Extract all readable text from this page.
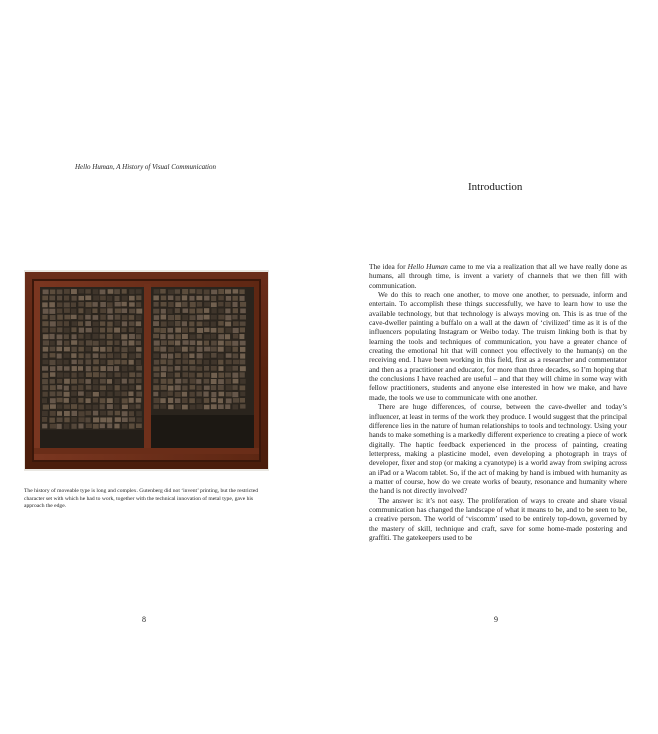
Hello Human, A History of Visual Communication
The history of moveable type is long and complex. Gutenberg did not ‘invent’ printing, but the restricted character set with which he had to work, together with the technical innovation of metal type, gave his approach the edge.
8
Introduction

The idea for Hello Human came to me via a realization that all we have really done as humans, all through time, is invent a variety of channels that we then fill with communication.

We do this to reach one another, to move one another, to persuade, inform and entertain. To accomplish these things successfully, we have to learn how to use the available technology, but that technology is always moving on. This is as true of the cave-dweller painting a buffalo on a wall at the dawn of ‘civilized’ time as it is of the influencers populating Instagram or Weibo today. The truism linking both is that by learning the tools and techniques of communication, you have a greater chance of creating the emotional hit that will connect you effectively to the human(s) on the receiving end. I have been working in this field, first as a researcher and commentator and then as a practitioner and educator, for more than three decades, so I’m hoping that the conclusions I have reached are useful – and that they will chime in some way with fellow practitioners, students and anyone else interested in how we make, and have made, the tools we use to communicate with one another.

There are huge differences, of course, between the cave-dweller and today’s influencer, at least in terms of the work they produce. I would suggest that the principal difference lies in the nature of human relationships to tools and technology. Using your hands to make something is a markedly different experience to creating a piece of work digitally. The haptic feedback experienced in the process of painting, creating letterpress, making a plasticine model, even developing a photograph in trays of developer, fixer and stop (or making a cyanotype) is a world away from swiping across an iPad or a Wacom tablet. So, if the act of making by hand is imbued with humanity as a matter of course, how do we create works of beauty, resonance and humanity where the hand is not directly involved?

The answer is: it’s not easy. The proliferation of ways to create and share visual communication has changed the landscape of what it means to be, and to be seen to be, a creative person. The world of ‘viscomm’ used to be entirely top-down, governed by the mastery of skill, technique and craft, save for some home-made postering and graffiti. The gatekeepers used to be

9
